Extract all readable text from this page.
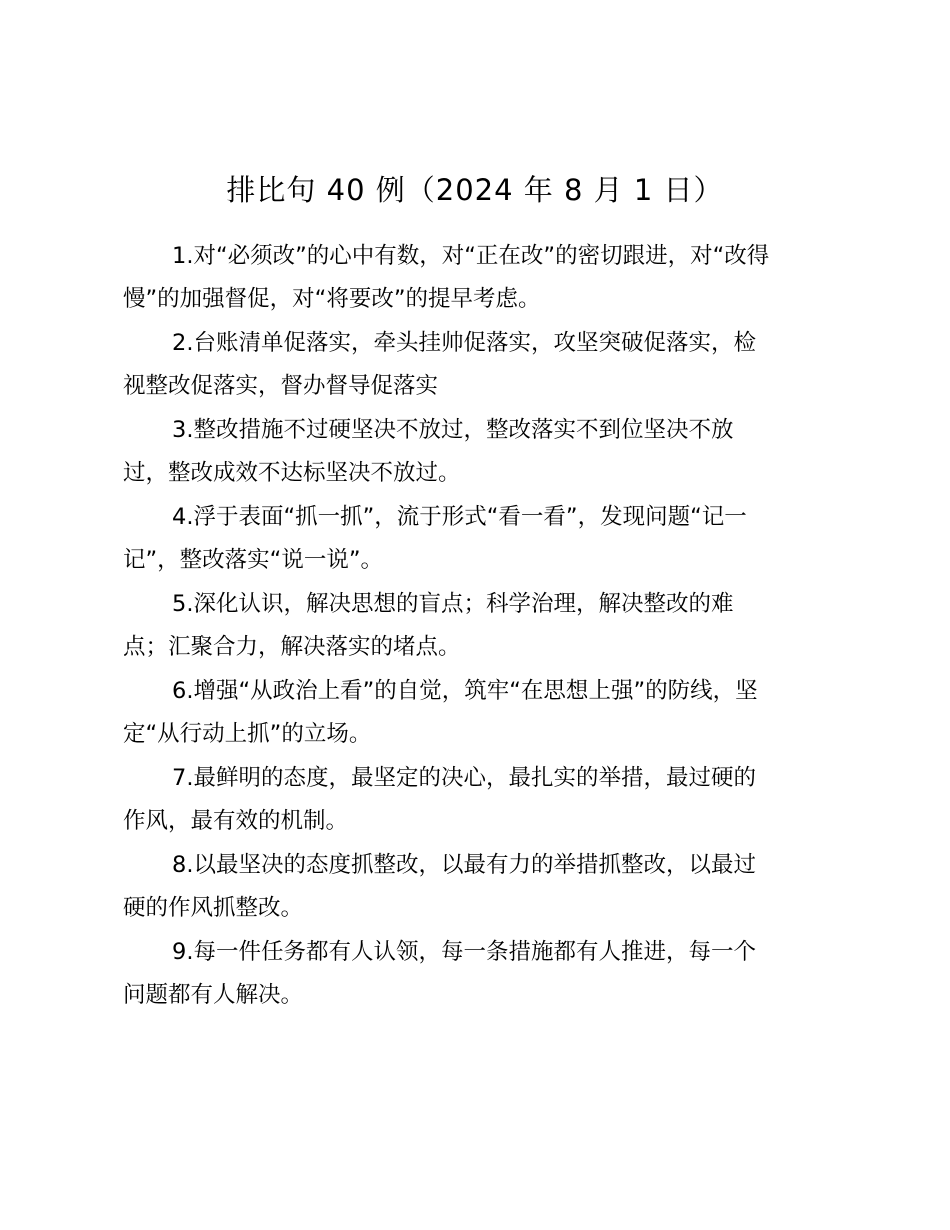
排比句 40 例（2024 年 8 月 1 日）
1.对“必须改”的心中有数，对“正在改”的密切跟进，对“改得
慢”的加强督促，对“将要改”的提早考虑。
2.台账清单促落实，牵头挂帅促落实，攻坚突破促落实，检
视整改促落实，督办督导促落实
3.整改措施不过硬坚决不放过，整改落实不到位坚决不放
过，整改成效不达标坚决不放过。
4.浮于表面“抓一抓”，流于形式“看一看”，发现问题“记一
记”，整改落实“说一说”。
5.深化认识，解决思想的盲点；科学治理，解决整改的难
点；汇聚合力，解决落实的堵点。
6.增强“从政治上看”的自觉，筑牢“在思想上强”的防线，坚
定“从行动上抓”的立场。
7.最鲜明的态度，最坚定的决心，最扎实的举措，最过硬的
作风，最有效的机制。
8.以最坚决的态度抓整改，以最有力的举措抓整改，以最过
硬的作风抓整改。
9.每一件任务都有人认领，每一条措施都有人推进，每一个
问题都有人解决。
